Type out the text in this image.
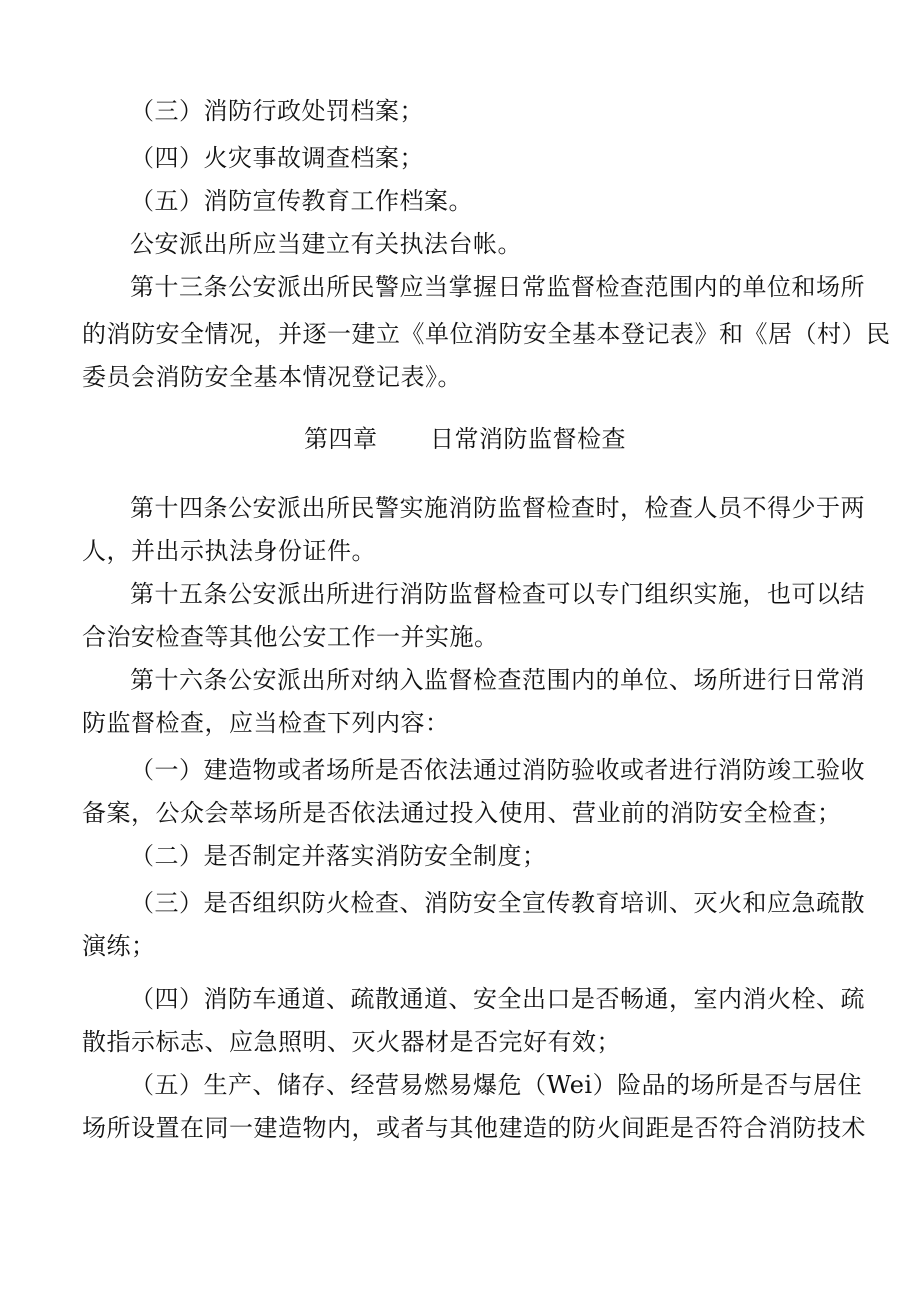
（三）消防行政处罚档案；
（四）火灾事故调查档案；
（五）消防宣传教育工作档案。
公安派出所应当建立有关执法台帐。
第十三条公安派出所民警应当掌握日常监督检查范围内的单位和场所
的消防安全情况，并逐一建立《单位消防安全基本登记表》和《居（村）民
委员会消防安全基本情况登记表》。
第四章 日常消防监督检查
第十四条公安派出所民警实施消防监督检查时，检查人员不得少于两
人，并出示执法身份证件。
第十五条公安派出所进行消防监督检查可以专门组织实施，也可以结
合治安检查等其他公安工作一并实施。
第十六条公安派出所对纳入监督检查范围内的单位、场所进行日常消
防监督检查，应当检查下列内容：
（一）建造物或者场所是否依法通过消防验收或者进行消防竣工验收
备案，公众会萃场所是否依法通过投入使用、营业前的消防安全检查；
（二）是否制定并落实消防安全制度；
（三）是否组织防火检查、消防安全宣传教育培训、灭火和应急疏散
演练；
（四）消防车通道、疏散通道、安全出口是否畅通，室内消火栓、疏
散指示标志、应急照明、灭火器材是否完好有效；
（五）生产、储存、经营易燃易爆危（Wei）险品的场所是否与居住
场所设置在同一建造物内，或者与其他建造的防火间距是否符合消防技术
